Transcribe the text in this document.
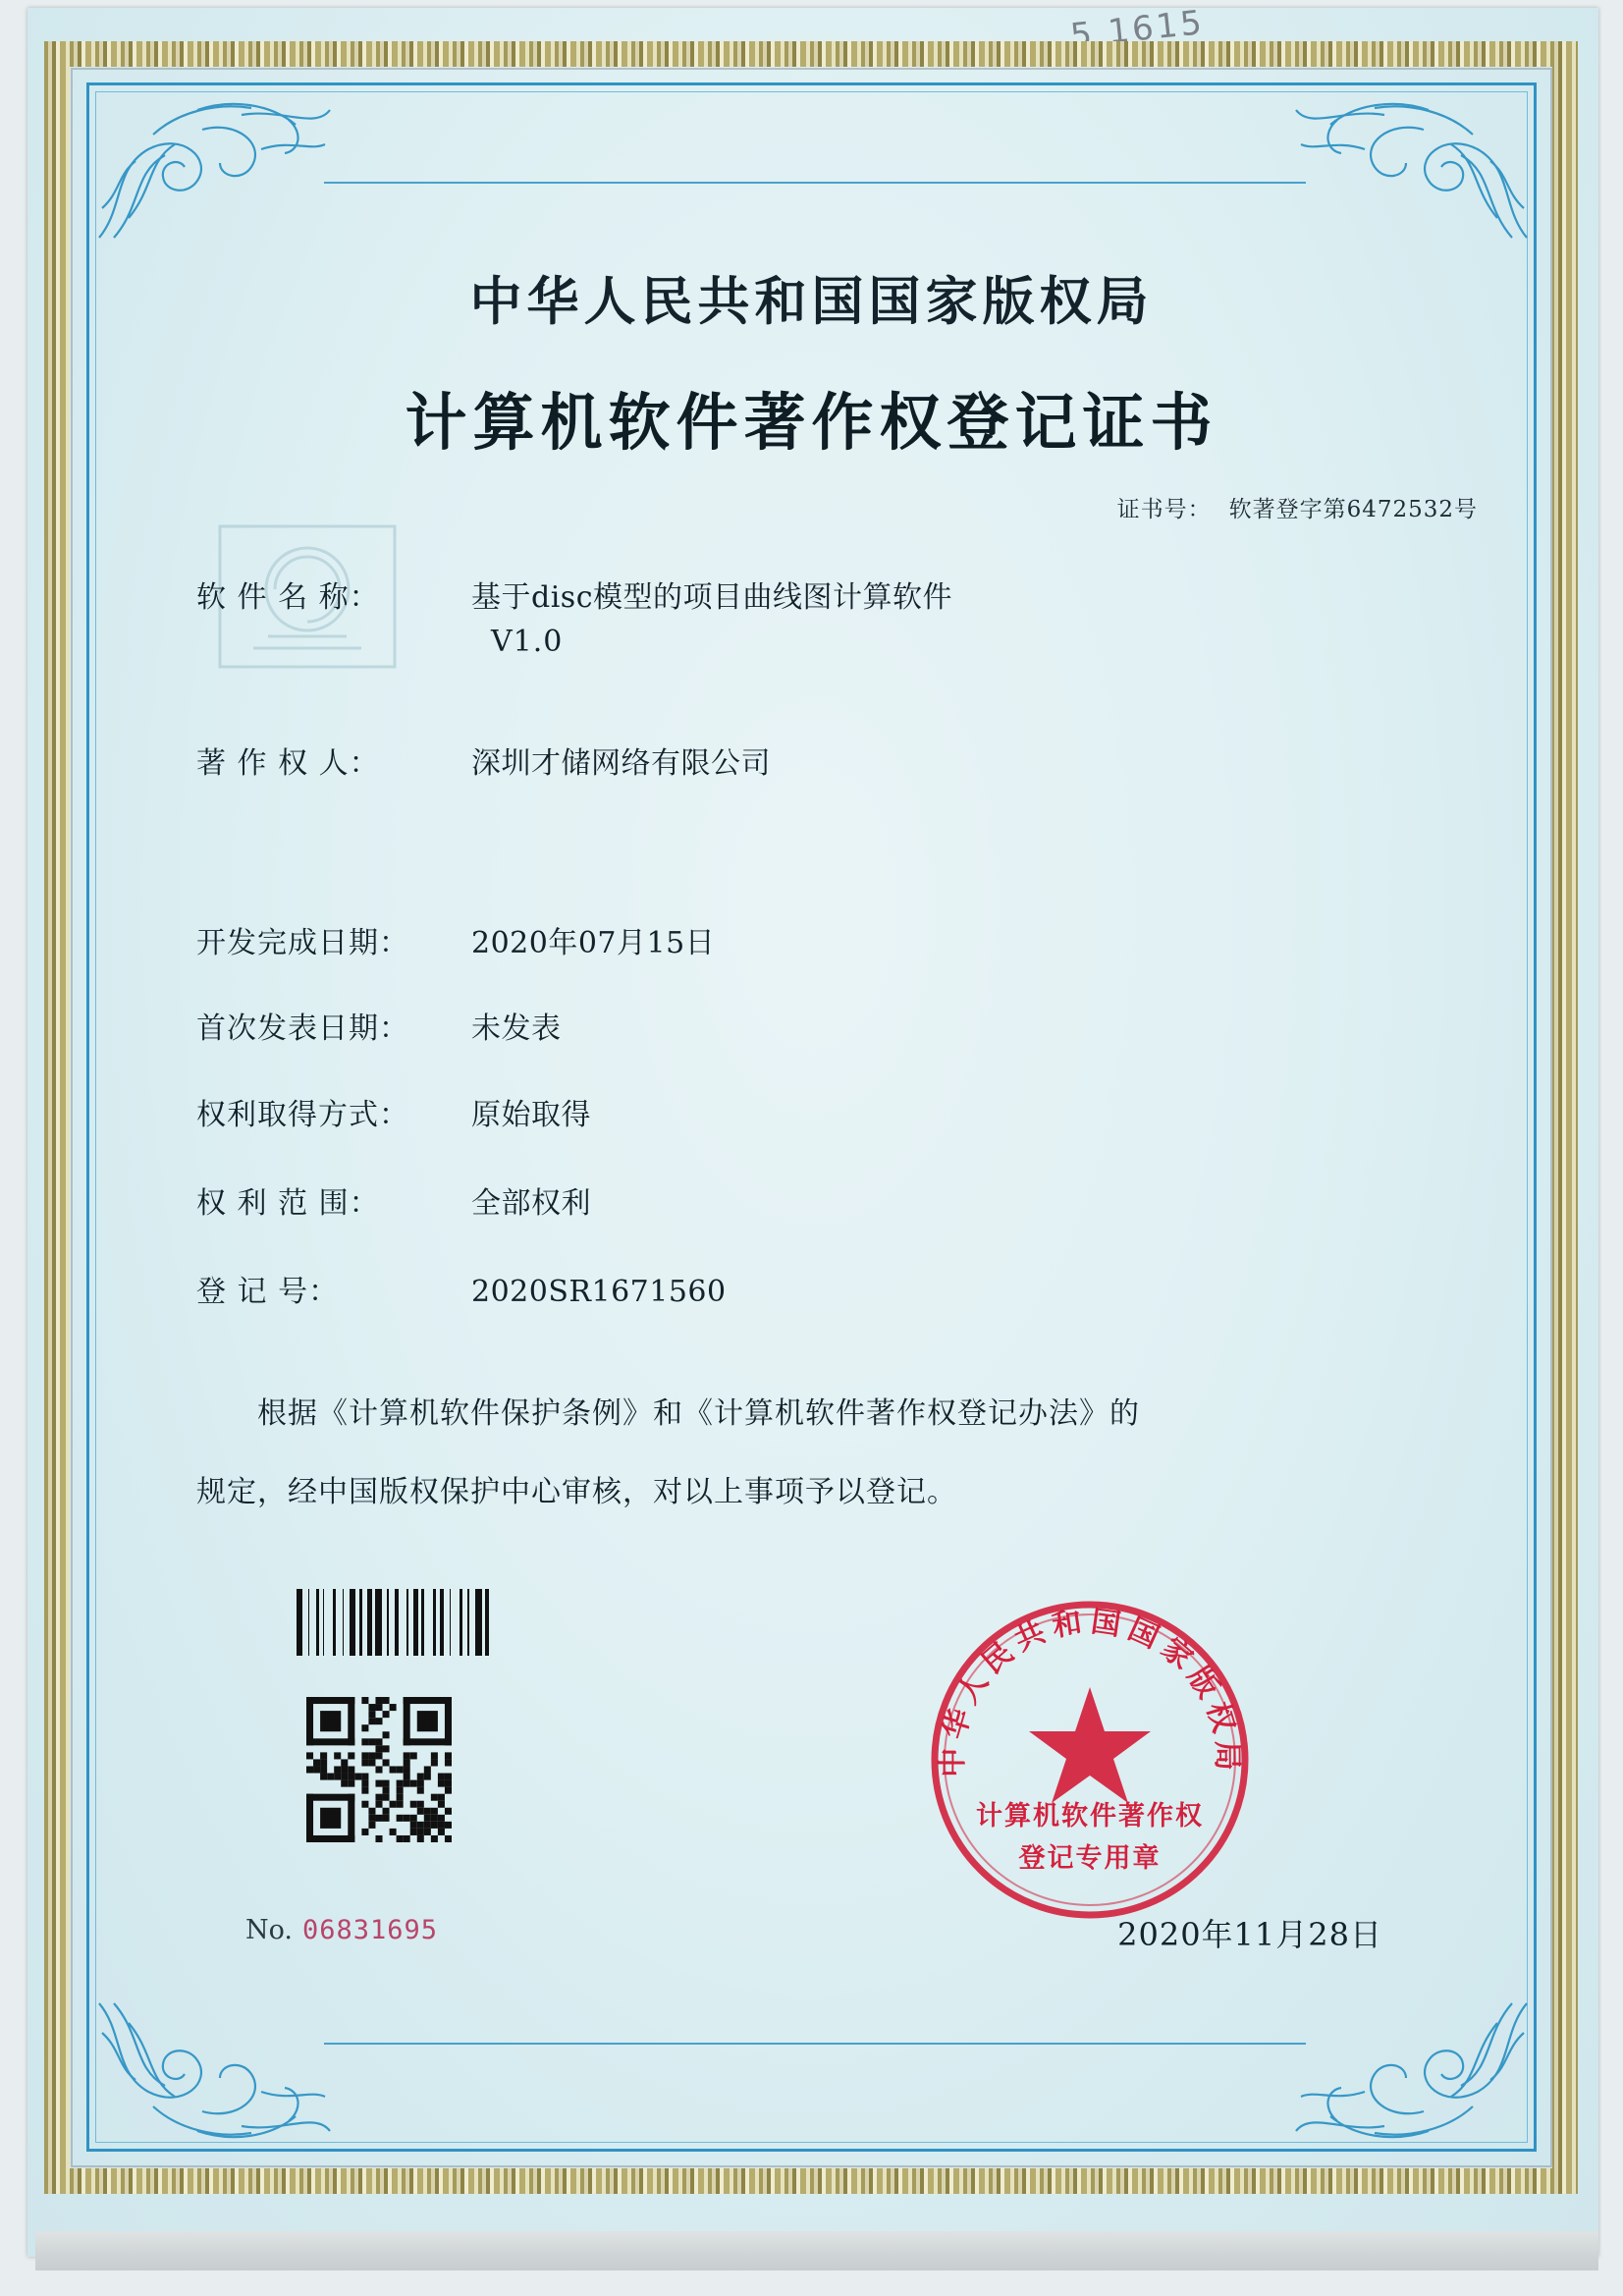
5 1615
中华人民共和国国家版权局
计算机软件著作权登记证书
证书号： 软著登字第6472532号
软 件 名 称：	基于disc模型的项目曲线图计算软件
V1.0
著 作 权 人：	深圳才储网络有限公司
开发完成日期： 2020年07月15日
首次发表日期： 未发表
权利取得方式： 原始取得
权 利 范 围：	全部权利
登 记 号：	2020SR1671560
根据《计算机软件保护条例》和《计算机软件著作权登记办法》的
规定，经中国版权保护中心审核，对以上事项予以登记。
No. 06831695	2020年11月28日
中华人民共和国国家版权局
计算机软件著作权
登记专用章
